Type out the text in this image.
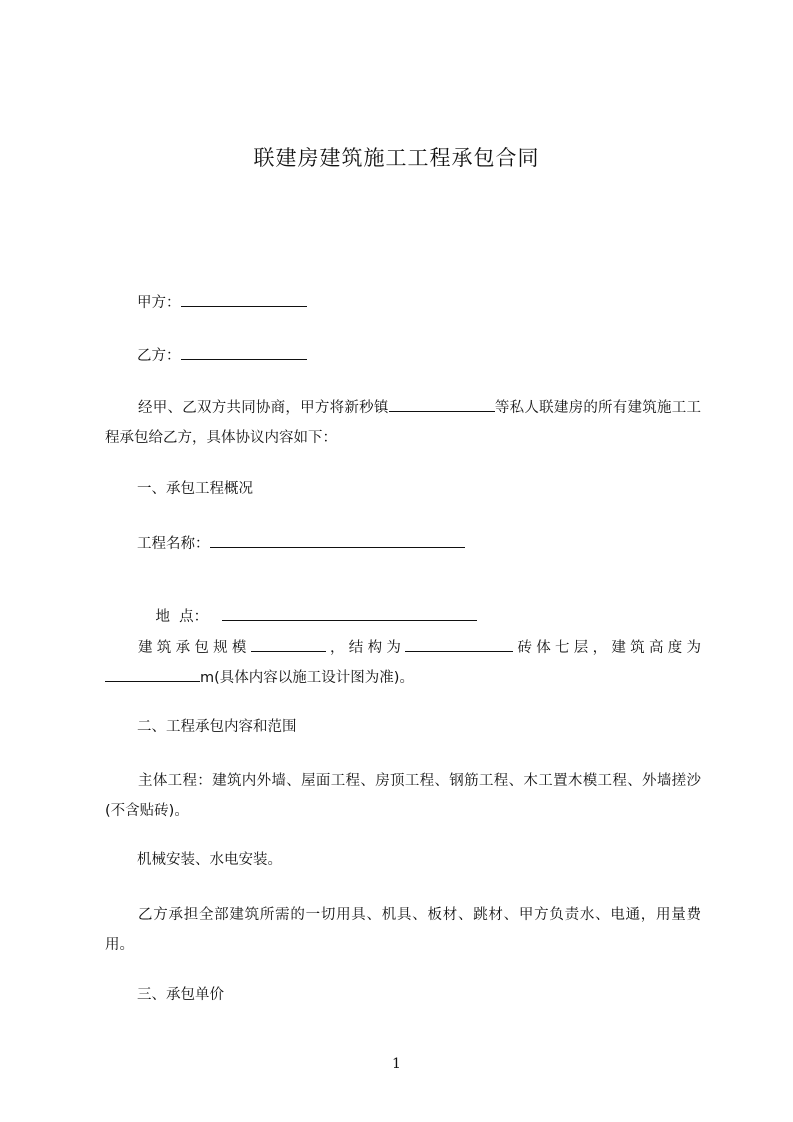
联建房建筑施工工程承包合同
甲方：
乙方：
经甲、乙双方共同协商，甲方将新秒镇	等私人联建房的所有建筑施工工程承包给乙方，具体协议内容如下：
一、承包工程概况
工程名称：

地  点：

建筑承包规模	，结构为	砖体七层，建筑高度为m(具体内容以施工设计图为准)。
二、工程承包内容和范围
主体工程：建筑内外墙、屋面工程、房顶工程、钢筋工程、木工置木模工程、外墙搓沙(不含贴砖)。
机械安装、水电安装。
乙方承担全部建筑所需的一切用具、机具、板材、跳材、甲方负责水、电通，用量费用。
三、承包单价
1
